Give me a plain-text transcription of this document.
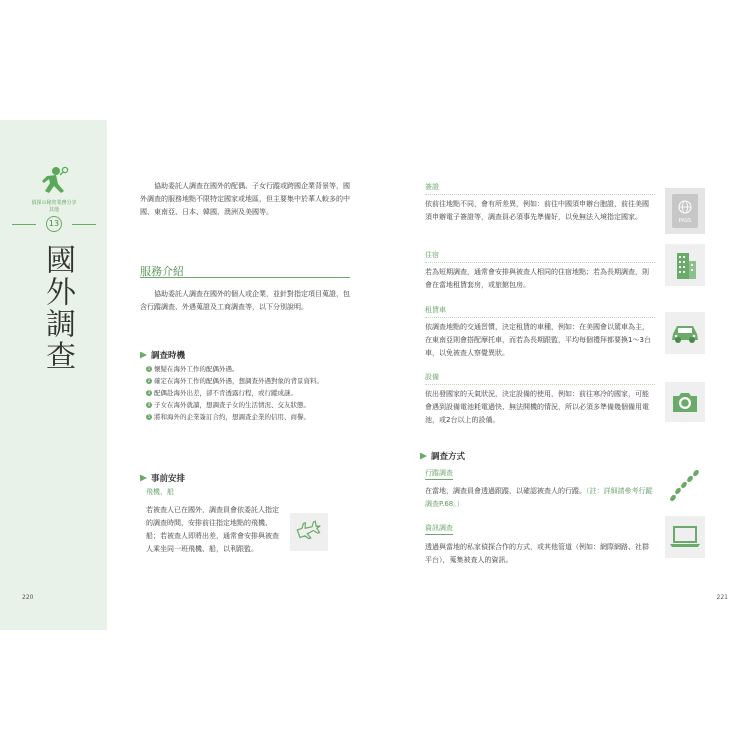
偵探の秘密業務分享
其他
13
國外調查

協助委託人調查在國外的配偶、子女行蹤或跨國企業背景等，國外調查的服務地點不限特定國家或地區，但主要集中於華人較多的中國、東南亞、日本、韓國、澳洲及美國等。

服務介紹

協助委託人調查在國外的個人或企業，並針對指定項目蒐證，包含行蹤調查、外遇蒐證及工商調查等，以下分別說明。

調查時機
1 懷疑在海外工作的配偶外遇。
2 確定在海外工作的配偶外遇，想調查外遇對象的背景資料。
3 配偶赴海外出差，卻不肯透露行程，或行蹤成謎。
4 子女在海外就讀，想調查子女的生活情況、交友狀態。
5 將和海外的企業簽訂合約，想調查企業的信用、商譽。
事前安排
飛機、船

若被查人已在國外，調查員會依委託人指定的調查時間，安排前往指定地點的飛機、船；若被查人即將出差，通常會安排與被查人乘坐同一班飛機、船，以利跟監。

220
簽證

依前往地點不同，會有所差異，例如：前往中國須申辦台胞證，前往美國須申辦電子簽證等，調查員必須事先準備好，以免無法入境指定國家。

住宿

若為短期調查，通常會安排與被查人相同的住宿地點；若為長期調查，則會在當地租賃套房，或旅館包房。

租賃車

依調查地點的交通習慣，決定租賃的車種，例如：在美國會以駕車為主，在東南亞則會搭配摩托車，而若為長期跟監，平均每個禮拜都要換1～3台車，以免被查人察覺異狀。

設備

依出發國家的天氣狀況，決定設備的使用，例如：前往寒冷的國家，可能會遇到設備電池耗電過快、無法開機的情況，所以必須多準備幾個備用電池，或2台以上的設備。

調查方式
行蹤調查

在當地，調查員會透過跟蹤，以確認被查人的行蹤。（註：詳細請參考行蹤調查P.68。）

資訊調查

透過與當地的私家偵探合作的方式，或其他管道（例如：網際網路、社群平台），蒐集被查人的資訊。

PASS
221
